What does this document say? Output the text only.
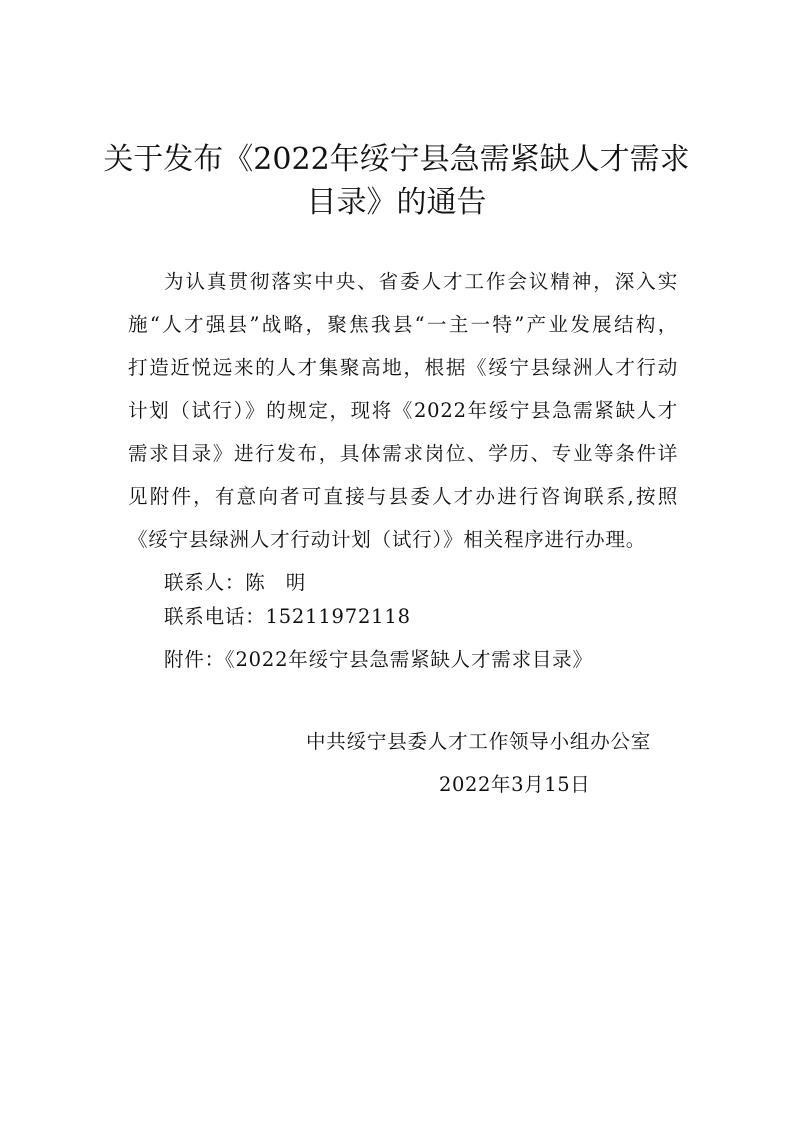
关于发布《2022年绥宁县急需紧缺人才需求
目录》的通告
为认真贯彻落实中央、省委人才工作会议精神，深入实
施“人才强县”战略，聚焦我县“一主一特”产业发展结构，
打造近悦远来的人才集聚高地，根据《绥宁县绿洲人才行动
计划（试行）》的规定，现将《2022年绥宁县急需紧缺人才
需求目录》进行发布，具体需求岗位、学历、专业等条件详
见附件，有意向者可直接与县委人才办进行咨询联系,按照
《绥宁县绿洲人才行动计划（试行）》相关程序进行办理。
联系人：陈　明
联系电话：15211972118
附件：《2022年绥宁县急需紧缺人才需求目录》
中共绥宁县委人才工作领导小组办公室
2022年3月15日
